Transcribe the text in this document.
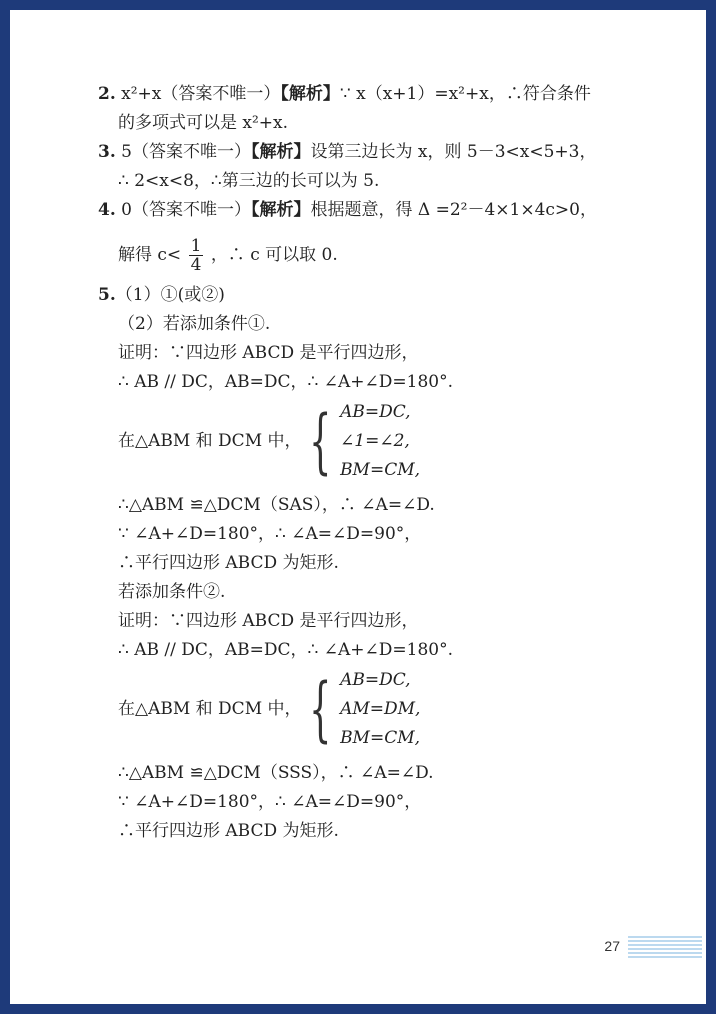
2. x²+x（答案不唯一）【解析】∵ x（x+1）=x²+x，∴符合条件
的多项式可以是 x²+x.
3. 5（答案不唯一）【解析】设第三边长为 x，则 5－3<x<5+3，
∴ 2<x<8，∴第三边的长可以为 5.
4. 0（答案不唯一）【解析】根据题意，得 Δ =2²－4×1×4c>0，
解得 $c< \frac{1}{4}$ ，∴ c 可以取 0.
5.（1）①(或②)
（2）若添加条件①.
证明：∵四边形 ABCD 是平行四边形，
∴ AB // DC，AB=DC，∴ ∠A+∠D=180°.
在△ABM 和 DCM 中， { AB=DC,
∠1=∠2,
BM=CM,
∴△ABM ≌△DCM（SAS），∴ ∠A=∠D.
∵ ∠A+∠D=180°，∴ ∠A=∠D=90°，
∴平行四边形 ABCD 为矩形.
若添加条件②.
证明：∵四边形 ABCD 是平行四边形，
∴ AB // DC，AB=DC，∴ ∠A+∠D=180°.
在△ABM 和 DCM 中， { AB=DC,
AM=DM,
BM=CM,
∴△ABM ≌△DCM（SSS），∴ ∠A=∠D.
∵ ∠A+∠D=180°，∴ ∠A=∠D=90°，
∴平行四边形 ABCD 为矩形.
27
